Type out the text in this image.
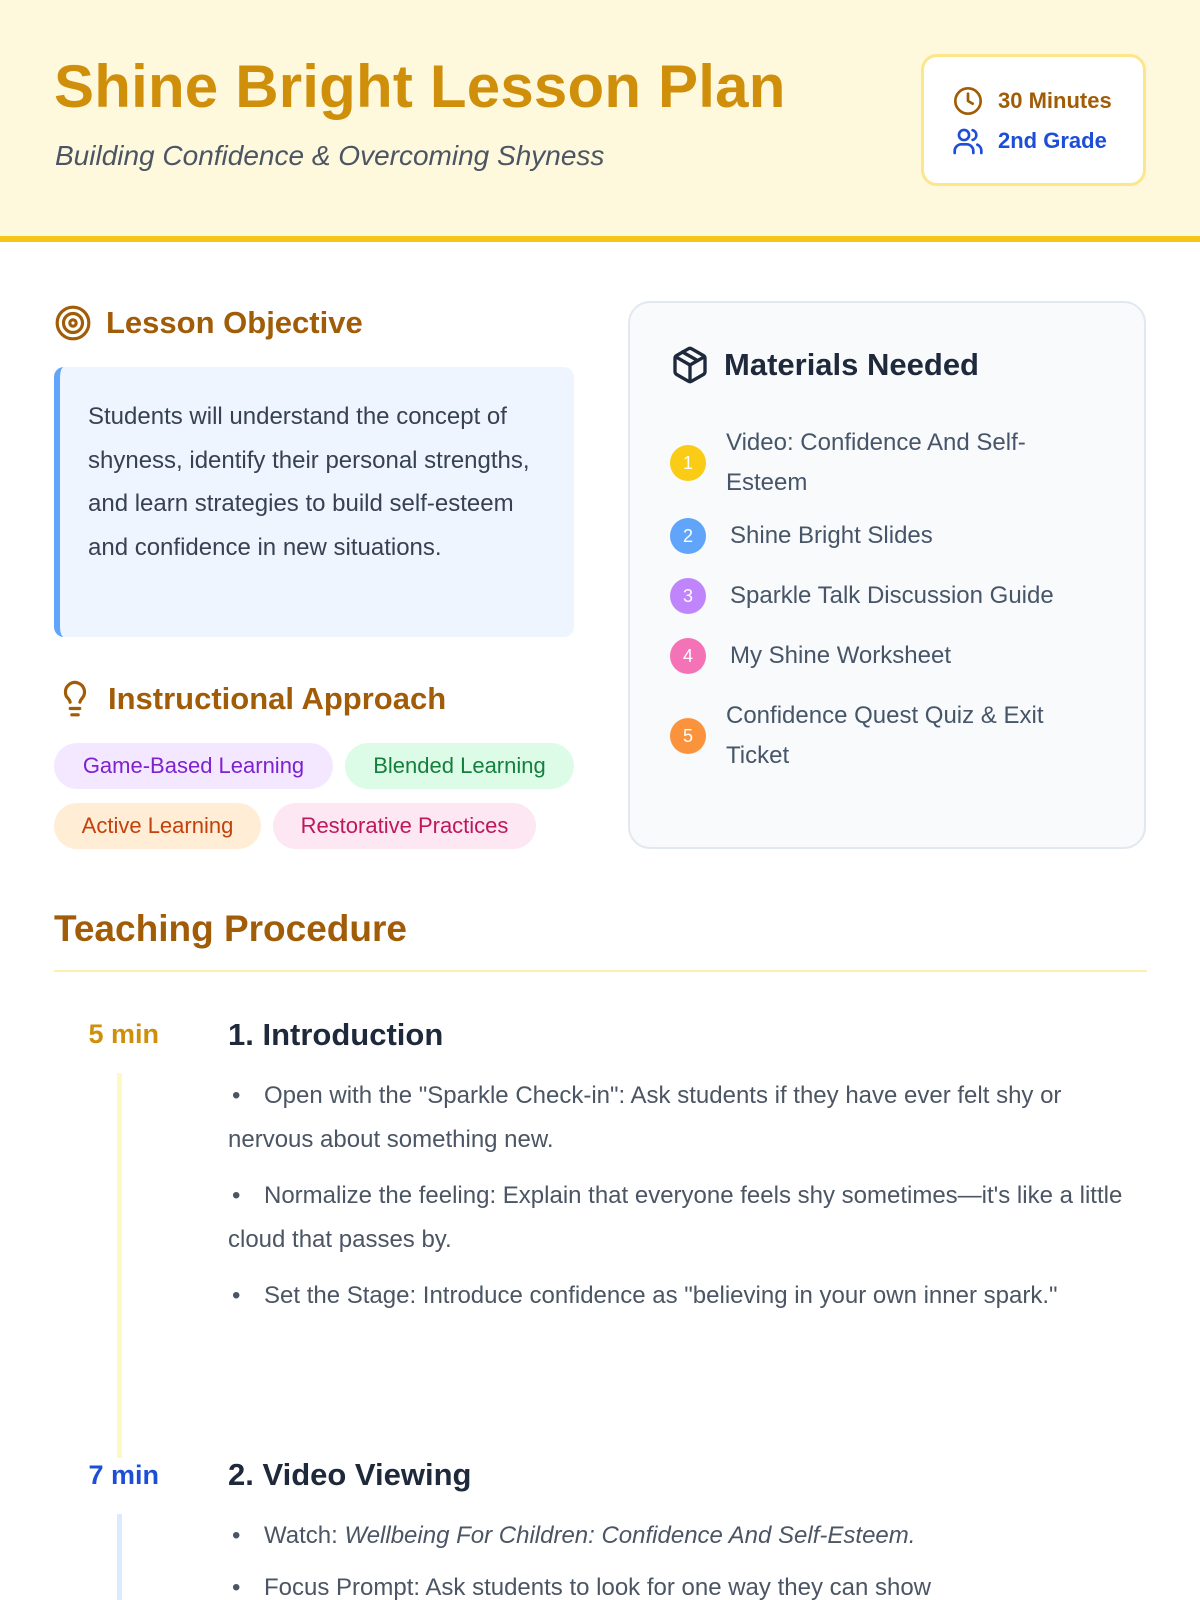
Shine Bright Lesson Plan
Building Confidence & Overcoming Shyness
30 Minutes
2nd Grade
Lesson Objective

Students will understand the concept of shyness, identify their personal strengths, and learn strategies to build self-esteem and confidence in new situations.

Instructional Approach
Game-Based Learning	Blended Learning
Active Learning	Restorative Practices
Materials Needed
1
Video: Confidence And Self-Esteem
2	Shine Bright Slides
3	Sparkle Talk Discussion Guide
4	My Shine Worksheet
5
Confidence Quest Quiz & Exit Ticket
Teaching Procedure
5 min 1. Introduction
• Open with the "Sparkle Check-in": Ask students if they have ever felt shy or nervous about something new.
• Normalize the feeling: Explain that everyone feels shy sometimes—it's like a little cloud that passes by.
• Set the Stage: Introduce confidence as "believing in your own inner spark."
7 min 2. Video Viewing
• Watch: Wellbeing For Children: Confidence And Self-Esteem.
• Focus Prompt: Ask students to look for one way they can show
